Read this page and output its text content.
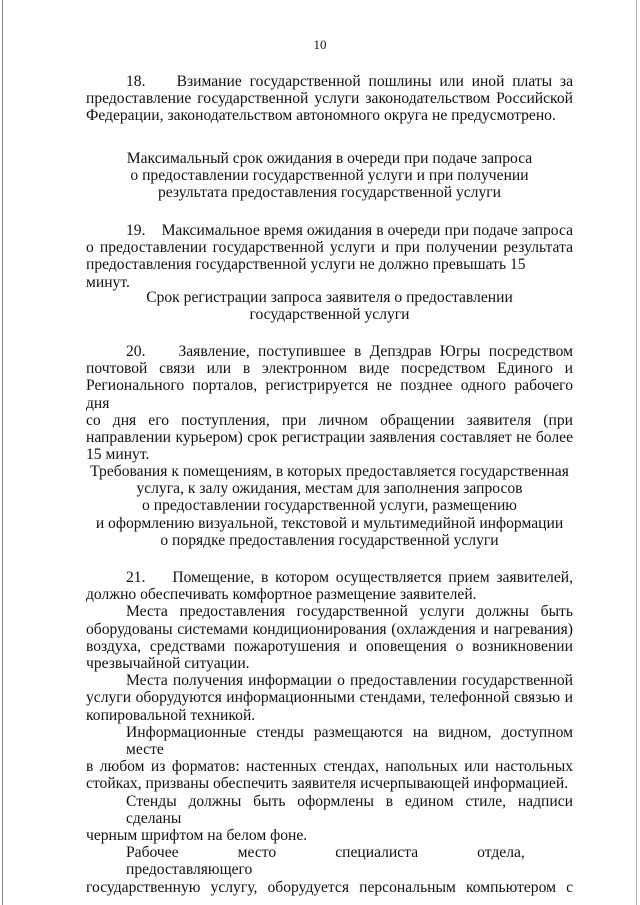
10
18.    Взимание государственной пошлины или иной платы за
предоставление государственной услуги законодательством Российской
Федерации, законодательством автономного округа не предусмотрено.
Максимальный срок ожидания в очереди при подаче запроса
о предоставлении государственной услуги и при получении
результата предоставления государственной услуги
19.    Максимальное время ожидания в очереди при подаче запроса
о предоставлении государственной услуги и при получении результата
предоставления государственной услуги не должно превышать 15 минут.
Срок регистрации запроса заявителя о предоставлении
государственной услуги
20.    Заявление, поступившее в Депздрав Югры посредством
почтовой связи или в электронном виде посредством Единого и
Регионального порталов, регистрируется не позднее одного рабочего дня
со дня его поступления, при личном обращении заявителя (при
направлении курьером) срок регистрации заявления составляет не более
15 минут.
Требования к помещениям, в которых предоставляется государственная
услуга, к залу ожидания, местам для заполнения запросов
о предоставлении государственной услуги, размещению
и оформлению визуальной, текстовой и мультимедийной информации
о порядке предоставления государственной услуги
21.    Помещение, в котором осуществляется прием заявителей,
должно обеспечивать комфортное размещение заявителей.
Места предоставления государственной услуги должны быть
оборудованы системами кондиционирования (охлаждения и нагревания)
воздуха, средствами пожаротушения и оповещения о возникновении
чрезвычайной ситуации.
Места получения информации о предоставлении государственной
услуги оборудуются информационными стендами, телефонной связью и
копировальной техникой.
Информационные стенды размещаются на видном, доступном месте
в любом из форматов: настенных стендах, напольных или настольных
стойках, призваны обеспечить заявителя исчерпывающей информацией.
Стенды должны быть оформлены в едином стиле, надписи сделаны
черным шрифтом на белом фоне.
Рабочее        место        специалиста        отдела,        предоставляющего
государственную услугу, оборудуется персональным компьютером с
